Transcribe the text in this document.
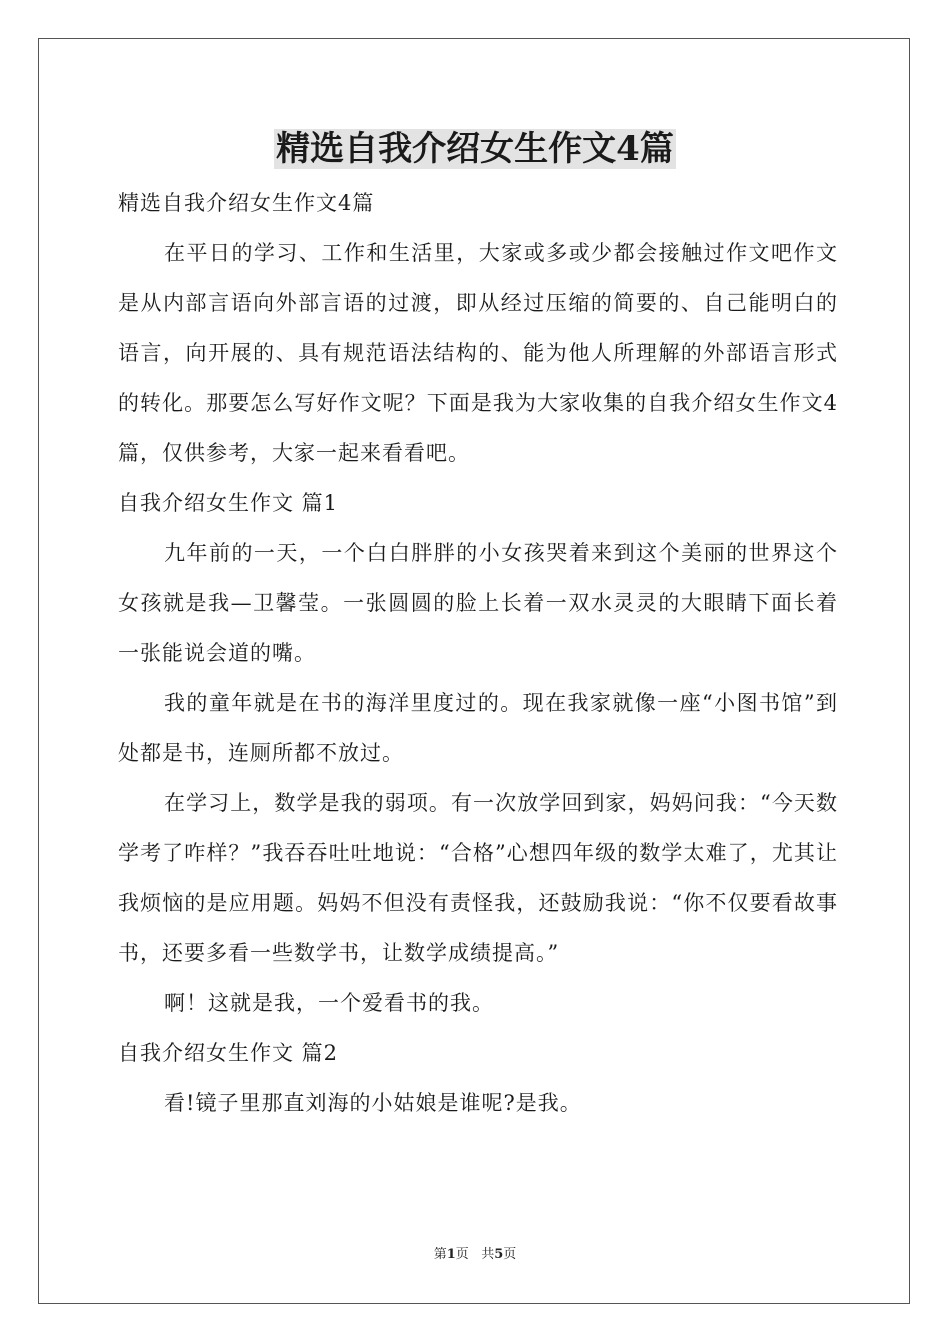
精选自我介绍女生作文4篇

精选自我介绍女生作文4篇

在平日的学习、工作和生活里，大家或多或少都会接触过作文吧作文是从内部言语向外部言语的过渡，即从经过压缩的简要的、自己能明白的语言，向开展的、具有规范语法结构的、能为他人所理解的外部语言形式的转化。那要怎么写好作文呢？下面是我为大家收集的自我介绍女生作文4篇，仅供参考，大家一起来看看吧。

自我介绍女生作文 篇1

九年前的一天，一个白白胖胖的小女孩哭着来到这个美丽的世界这个女孩就是我—卫馨莹。一张圆圆的脸上长着一双水灵灵的大眼睛下面长着一张能说会道的嘴。

我的童年就是在书的海洋里度过的。现在我家就像一座“小图书馆”到处都是书，连厕所都不放过。

在学习上，数学是我的弱项。有一次放学回到家，妈妈问我：“今天数学考了咋样？”我吞吞吐吐地说：“合格”心想四年级的数学太难了，尤其让我烦恼的是应用题。妈妈不但没有责怪我，还鼓励我说：“你不仅要看故事书，还要多看一些数学书，让数学成绩提高。”

啊！这就是我，一个爱看书的我。

自我介绍女生作文 篇2

看!镜子里那直刘海的小姑娘是谁呢?是我。

第1页 共5页
